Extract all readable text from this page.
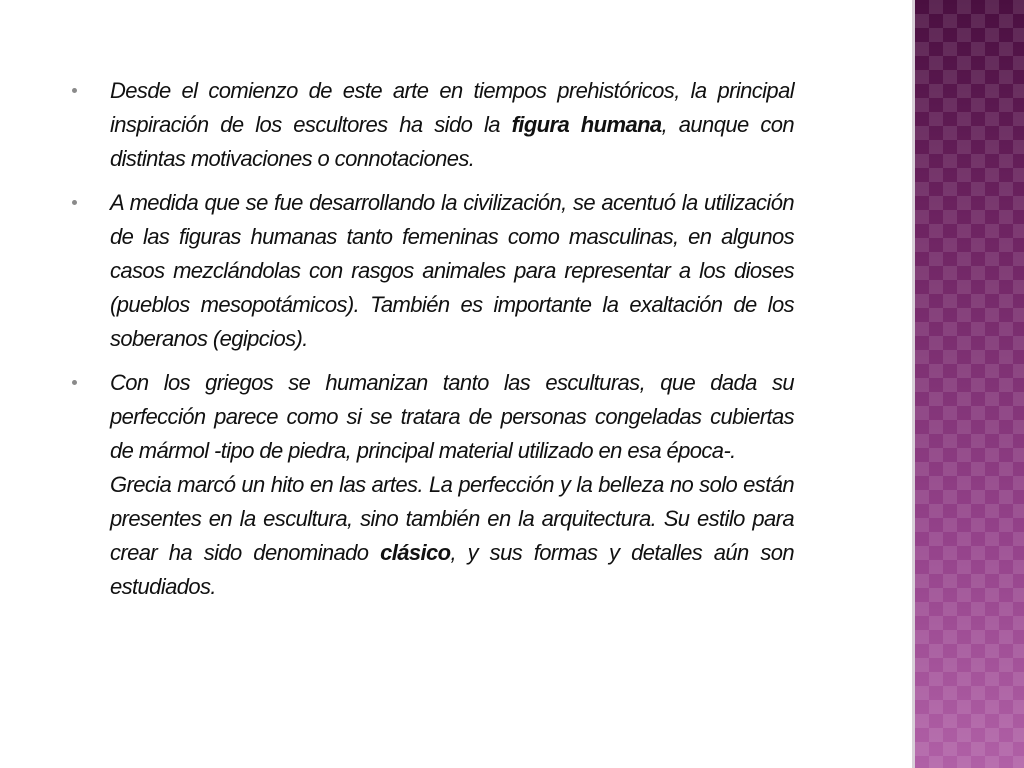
Desde el comienzo de este arte en tiempos prehistóricos, la principal inspiración de los escultores ha sido la figura humana, aunque con distintas motivaciones o connotaciones.
A medida que se fue desarrollando la civilización, se acentuó la utilización de las figuras humanas tanto femeninas como masculinas, en algunos casos mezclándolas con rasgos animales para representar a los dioses (pueblos mesopotámicos). También es importante la exaltación de los soberanos (egipcios).
Con los griegos se humanizan tanto las esculturas, que dada su perfección parece como si se tratara de personas congeladas cubiertas de mármol -tipo de piedra, principal material utilizado en esa época-.
Grecia marcó un hito en las artes. La perfección y la belleza no solo están presentes en la escultura, sino también en la arquitectura. Su estilo para crear ha sido denominado clásico, y sus formas y detalles aún son estudiados.
